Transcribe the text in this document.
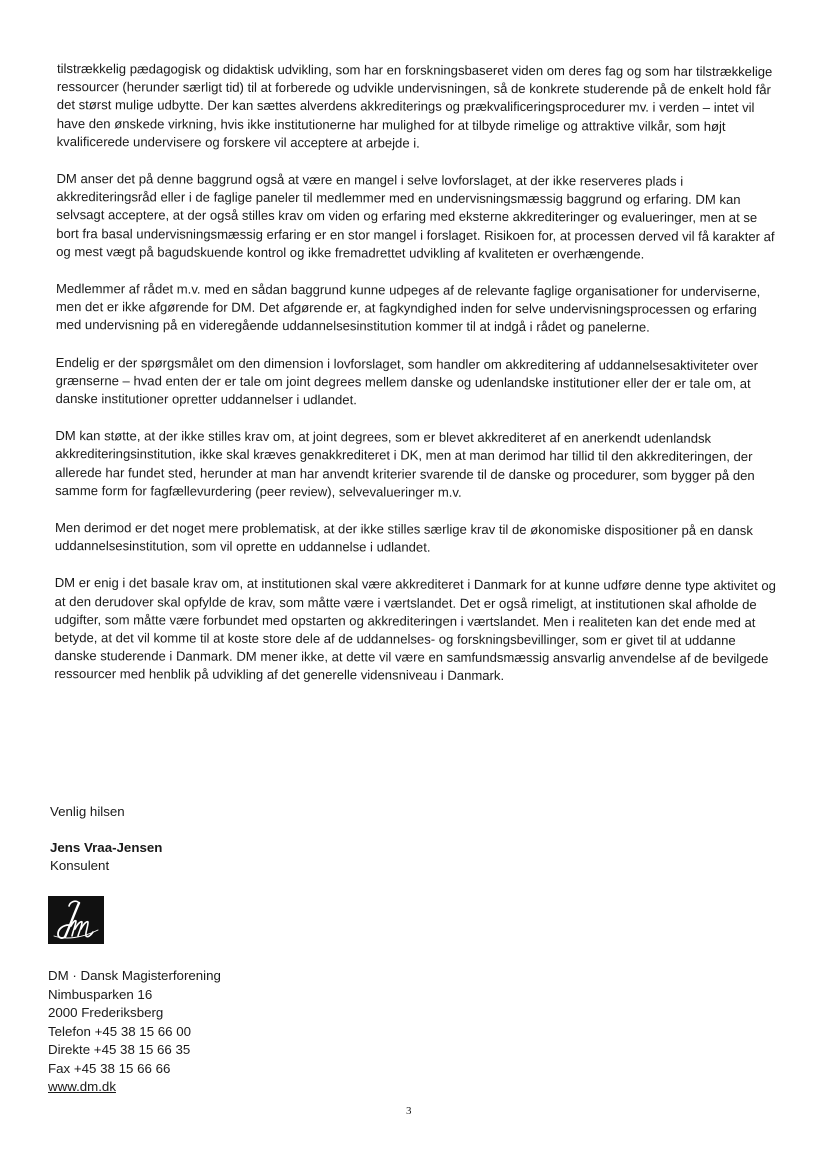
tilstrækkelig pædagogisk og didaktisk udvikling, som har en forskningsbaseret viden om deres fag og som har tilstrækkelige ressourcer (herunder særligt tid) til at forberede og udvikle undervisningen, så de konkrete studerende på de enkelt hold får det størst mulige udbytte. Der kan sættes alverdens akkrediterings og prækvalificeringsprocedurer mv. i verden – intet vil have den ønskede virkning, hvis ikke institutionerne har mulighed for at tilbyde rimelige og attraktive vilkår, som højt kvalificerede undervisere og forskere vil acceptere at arbejde i.

DM anser det på denne baggrund også at være en mangel i selve lovforslaget, at der ikke reserveres plads i akkrediteringsråd eller i de faglige paneler til medlemmer med en undervisningsmæssig baggrund og erfaring. DM kan selvsagt acceptere, at der også stilles krav om viden og erfaring med eksterne akkrediteringer og evalueringer, men at se bort fra basal undervisningsmæssig erfaring er en stor mangel i forslaget. Risikoen for, at processen derved vil få karakter af og mest vægt på bagudskuende kontrol og ikke fremadrettet udvikling af kvaliteten er overhængende.

Medlemmer af rådet m.v. med en sådan baggrund kunne udpeges af de relevante faglige organisationer for underviserne, men det er ikke afgørende for DM. Det afgørende er, at fagkyndighed inden for selve undervisningsprocessen og erfaring med undervisning på en videregående uddannelsesinstitution kommer til at indgå i rådet og panelerne.

Endelig er der spørgsmålet om den dimension i lovforslaget, som handler om akkreditering af uddannelsesaktiviteter over grænserne – hvad enten der er tale om joint degrees mellem danske og udenlandske institutioner eller der er tale om, at danske institutioner opretter uddannelser i udlandet.

DM kan støtte, at der ikke stilles krav om, at joint degrees, som er blevet akkrediteret af en anerkendt udenlandsk akkrediteringsinstitution, ikke skal kræves genakkrediteret i DK, men at man derimod har tillid til den akkrediteringen, der allerede har fundet sted, herunder at man har anvendt kriterier svarende til de danske og procedurer, som bygger på den samme form for fagfællevurdering (peer review), selvevalueringer m.v.

Men derimod er det noget mere problematisk, at der ikke stilles særlige krav til de økonomiske dispositioner på en dansk uddannelsesinstitution, som vil oprette en uddannelse i udlandet.

DM er enig i det basale krav om, at institutionen skal være akkrediteret i Danmark for at kunne udføre denne type aktivitet og at den derudover skal opfylde de krav, som måtte være i værtslandet. Det er også rimeligt, at institutionen skal afholde de udgifter, som måtte være forbundet med opstarten og akkrediteringen i værtslandet. Men i realiteten kan det ende med at betyde, at det vil komme til at koste store dele af de uddannelses- og forskningsbevillinger, som er givet til at uddanne danske studerende i Danmark. DM mener ikke, at dette vil være en samfundsmæssig ansvarlig anvendelse af de bevilgede ressourcer med henblik på udvikling af det generelle vidensniveau i Danmark.

Venlig hilsen
Jens Vraa-Jensen
Konsulent
DM · Dansk Magisterforening
Nimbusparken 16
2000 Frederiksberg
Telefon +45 38 15 66 00
Direkte +45 38 15 66 35
Fax +45 38 15 66 66
www.dm.dk
3
